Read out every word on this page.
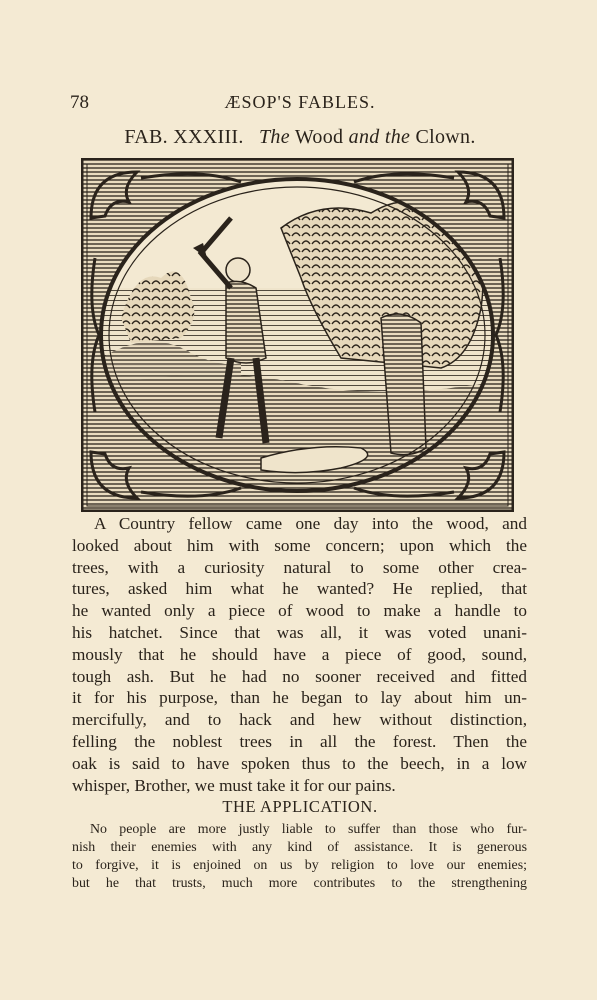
78	ÆSOP'S FABLES.
FAB. XXXIII. The Wood and the Clown.
A Country fellow came one day into the wood, and
looked about him with some concern; upon which the
trees, with a curiosity natural to some other crea-
tures, asked him what he wanted? He replied, that
he wanted only a piece of wood to make a handle to
his hatchet. Since that was all, it was voted unani-
mously that he should have a piece of good, sound,
tough ash. But he had no sooner received and fitted
it for his purpose, than he began to lay about him un-
mercifully, and to hack and hew without distinction,
felling the noblest trees in all the forest. Then the
oak is said to have spoken thus to the beech, in a low
whisper, Brother, we must take it for our pains.
THE APPLICATION.
No people are more justly liable to suffer than those who fur-
nish their enemies with any kind of assistance. It is generous
to forgive, it is enjoined on us by religion to love our enemies;
but he that trusts, much more contributes to the strengthening
